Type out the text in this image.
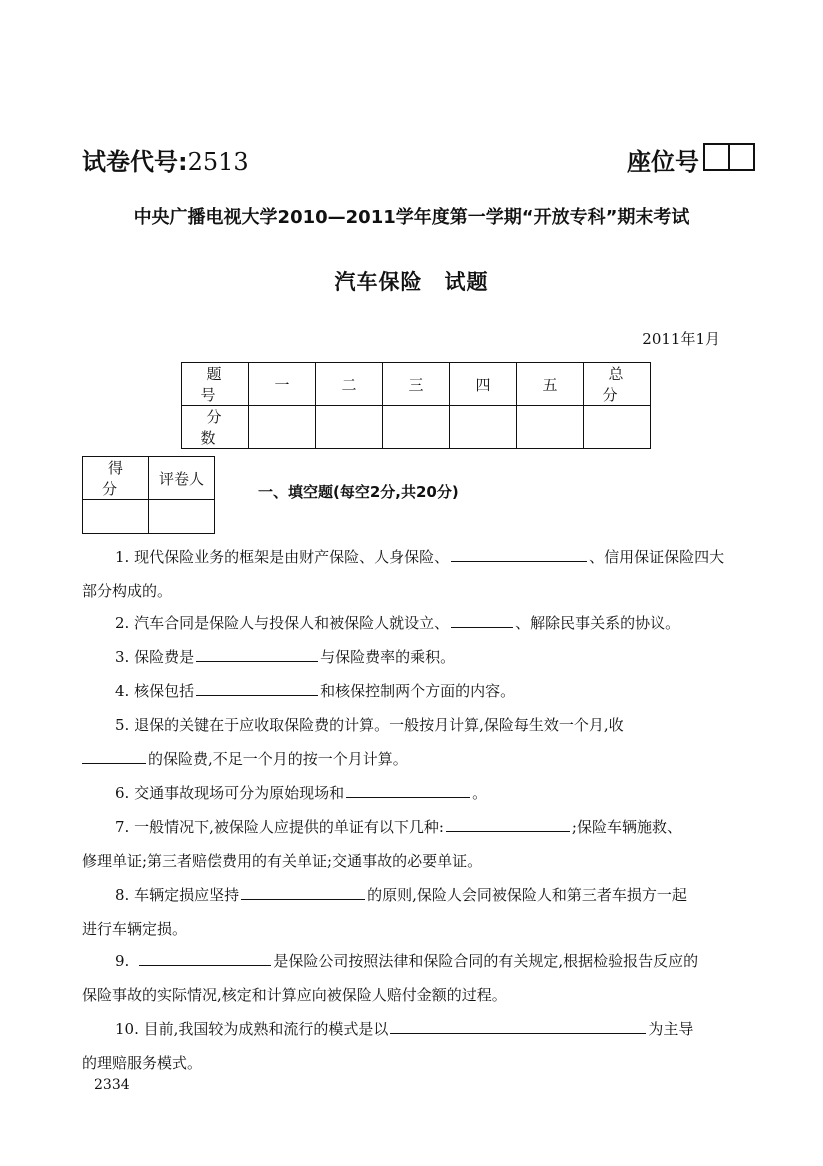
试卷代号:2513	座位号
中央广播电视大学2010—2011学年度第一学期“开放专科”期末考试
汽车保险　试题
2011年1月
题号	一	二	三	四	五	总分
分数						
得分	评卷人

一、填空题(每空2分,共20分)
1. 现代保险业务的框架是由财产保险、人身保险、	、信用保证保险四大
部分构成的。
2. 汽车合同是保险人与投保人和被保险人就设立、	、解除民事关系的协议。
3. 保险费是	与保险费率的乘积。
4. 核保包括	和核保控制两个方面的内容。
5. 退保的关键在于应收取保险费的计算。一般按月计算,保险每生效一个月,收
的保险费,不足一个月的按一个月计算。
6. 交通事故现场可分为原始现场和	。
7. 一般情况下,被保险人应提供的单证有以下几种:	;保险车辆施救、
修理单证;第三者赔偿费用的有关单证;交通事故的必要单证。
8. 车辆定损应坚持	的原则,保险人会同被保险人和第三者车损方一起
进行车辆定损。
9.	是保险公司按照法律和保险合同的有关规定,根据检验报告反应的
保险事故的实际情况,核定和计算应向被保险人赔付金额的过程。
10. 目前,我国较为成熟和流行的模式是以	为主导
的理赔服务模式。
2334
